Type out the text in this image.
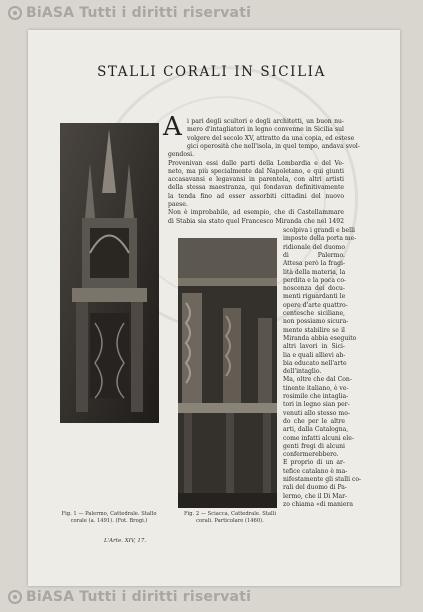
BiASA Tutti i diritti riservati
STALLI CORALI IN SICILIA
Fig. 1 — Palermo, Cattedrale. Stallo corale (a. 1491). (Fot. Brogi.)
Fig. 2 — Sciacca, Cattedrale. Stalli corali. Particolare (1460).
L'Arte. XIV, 17.
A i pari degli scultori e degli architetti, un buon nu-
mero d'intagliatori in legno convenne in Sicilia sul
volgere del secolo XV, attratto da una copia, ed estese
gici operosità che nell'isola, in quel tempo, andava svol-
gendosi.
Provenivan essi dalle parti della Lombardia e del Ve-
neto, ma più specialmente dal Napoletano, e qui giunti
accasavansi e legavansi in parentela, con altri artisti
della stessa maestranza, qui fondavan definitivamente
la tenda fino ad esser assorbiti cittadini del nuovo
paese.
Non è improbabile, ad esempio, che di Castellammare
di Stabia sia stato quel Francesco Miranda che nel 1492
scolpiva i grandi e belli
imposte della porta me-
ridionale del duomo
di Palermo.
Attesa però la fragi-
lità della materia, la
perdita e la poca co-
noscenza dei docu-
menti riguardanti le
opere d'arte quattro-
centesche siciliane,
non possiamo sicura-
mente stabilire se il
Miranda abbia eseguito
altri lavori in Sici-
lia e quali allievi ab-
bia educato nell'arte
dell'intaglio.
Ma, oltre che dal Con-
tinente italiano, è ve-
rosimile che intaglia-
tori in legno sian per-
venuti allo stesso mo-
do che per le altre
arti, dalla Catalogna,
come infatti alcuni ele-
genti fregi di alcuni
confermerebbero.
E proprio di un ar-
tefice catalano è ma-
nifestamente gli stalli co-
rali del duomo di Pa-
lermo, che il Di Mar-
zo chiama «di maniera
BiASA Tutti i diritti riservati
